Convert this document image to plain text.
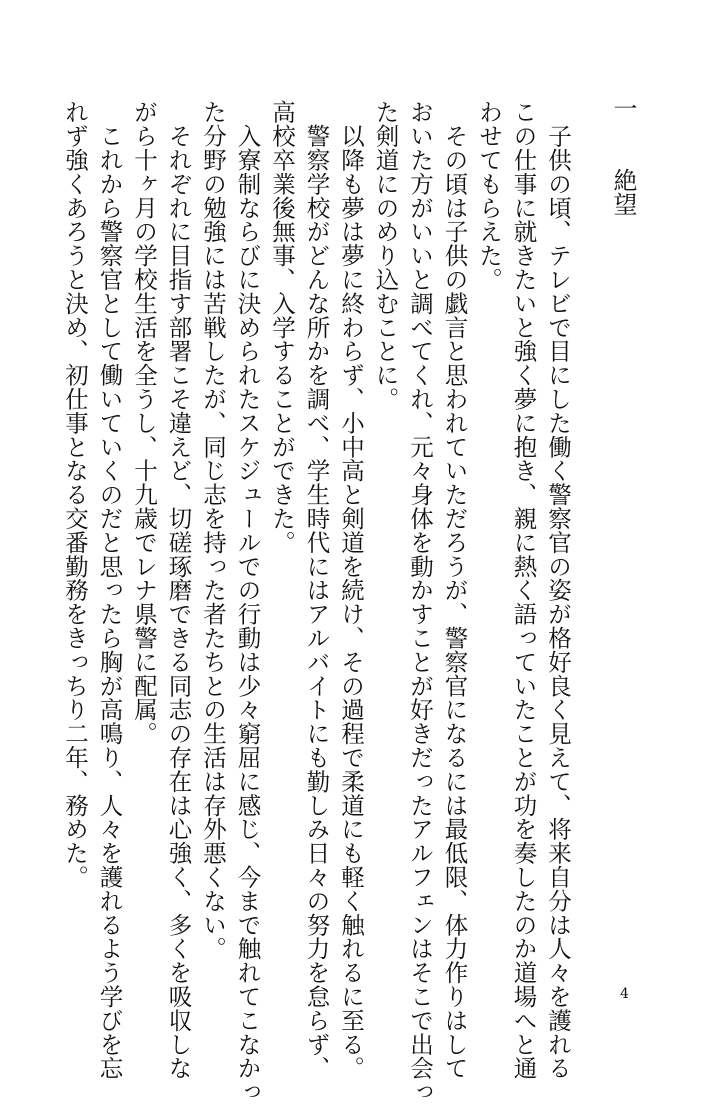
一　　絶望
　子供の頃、テレビで目にした働く警察官の姿が格好良く見えて、将来自分は人々を護れる
この仕事に就きたいと強く夢に抱き、親に熱く語っていたことが功を奏したのか道場へと通
わせてもらえた。
　その頃は子供の戯言と思われていただろうが、警察官になるには最低限、体力作りはして
おいた方がいいと調べてくれ、元々身体を動かすことが好きだったアルフェンはそこで出会っ
た剣道にのめり込むことに。
　以降も夢は夢に終わらず、小中高と剣道を続け、その過程で柔道にも軽く触れるに至る。
　警察学校がどんな所かを調べ、学生時代にはアルバイトにも勤しみ日々の努力を怠らず、
高校卒業後無事、入学することができた。
　入寮制ならびに決められたスケジュールでの行動は少々窮屈に感じ、今まで触れてこなかっ
た分野の勉強には苦戦したが、同じ志を持った者たちとの生活は存外悪くない。
　それぞれに目指す部署こそ違えど、切磋琢磨できる同志の存在は心強く、多くを吸収しな
がら十ヶ月の学校生活を全うし、十九歳でレナ県警に配属。
　これから警察官として働いていくのだと思ったら胸が高鳴り、人々を護れるよう学びを忘
れず強くあろうと決め、初仕事となる交番勤務をきっちり二年、務めた。
4
